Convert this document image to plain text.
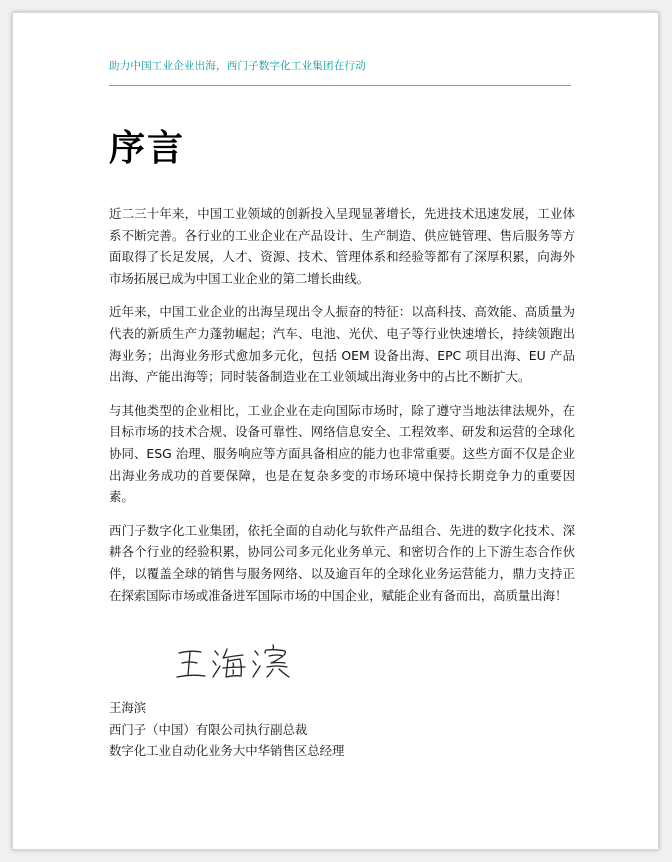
助力中国工业企业出海，西门子数字化工业集团在行动
序言

近二三十年来，中国工业领域的创新投入呈现显著增长，先进技术迅速发展，工业体系不断完善。各行业的工业企业在产品设计、生产制造、供应链管理、售后服务等方面取得了长足发展，人才、资源、技术、管理体系和经验等都有了深厚积累，向海外市场拓展已成为中国工业企业的第二增长曲线。

近年来，中国工业企业的出海呈现出令人振奋的特征：以高科技、高效能、高质量为代表的新质生产力蓬勃崛起；汽车、电池、光伏、电子等行业快速增长，持续领跑出海业务；出海业务形式愈加多元化，包括 OEM 设备出海、EPC 项目出海、EU 产品出海、产能出海等；同时装备制造业在工业领域出海业务中的占比不断扩大。

与其他类型的企业相比，工业企业在走向国际市场时，除了遵守当地法律法规外，在目标市场的技术合规、设备可靠性、网络信息安全、工程效率、研发和运营的全球化协同、ESG 治理、服务响应等方面具备相应的能力也非常重要。这些方面不仅是企业出海业务成功的首要保障，也是在复杂多变的市场环境中保持长期竞争力的重要因素。

西门子数字化工业集团，依托全面的自动化与软件产品组合、先进的数字化技术、深耕各个行业的经验积累，协同公司多元化业务单元、和密切合作的上下游生态合作伙伴，以覆盖全球的销售与服务网络、以及逾百年的全球化业务运营能力，鼎力支持正在探索国际市场或准备进军国际市场的中国企业，赋能企业有备而出，高质量出海！

王海滨
西门子（中国）有限公司执行副总裁
数字化工业自动化业务大中华销售区总经理
